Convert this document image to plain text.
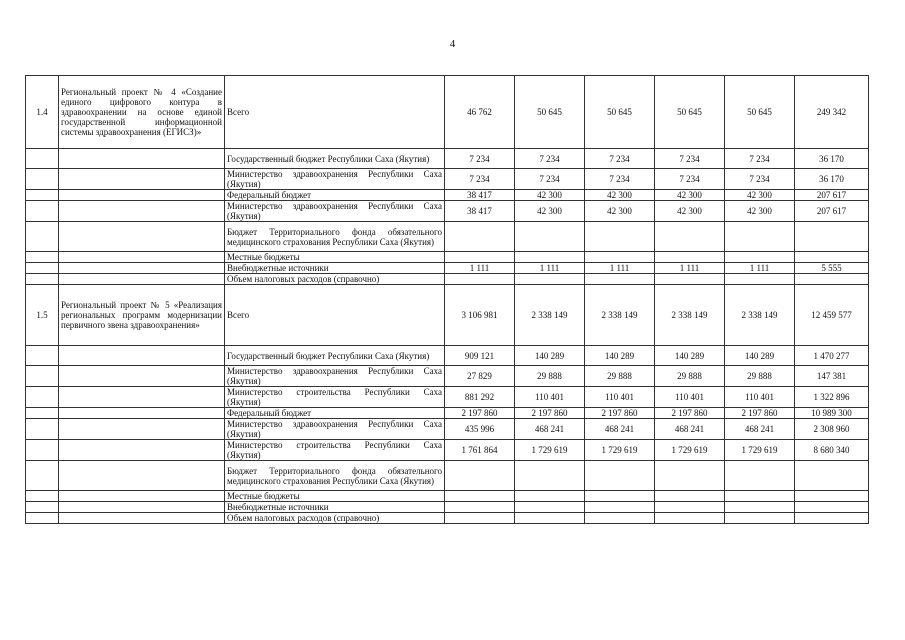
4
1.4	Региональный проект № 4 «Создание единого цифрового контура в здравоохранении на основе единой государственной информационной системы здравоохранения (ЕГИСЗ)»	Всего	46 762	50 645	50 645	50 645	50 645	249 342
		Государственный бюджет Республики Саха (Якутия)	7 234	7 234	7 234	7 234	7 234	36 170
		Министерство здравоохранения Республики Саха (Якутия)	7 234	7 234	7 234	7 234	7 234	36 170
		Федеральный бюджет	38 417	42 300	42 300	42 300	42 300	207 617
		Министерство здравоохранения Республики Саха (Якутия)	38 417	42 300	42 300	42 300	42 300	207 617
		Бюджет Территориального фонда обязательного медицинского страхования Республики Саха (Якутия)						
		Местные бюджеты						
		Внебюджетные источники	1 111	1 111	1 111	1 111	1 111	5 555
		Объем налоговых расходов (справочно)						
1.5	Региональный проект № 5 «Реализация региональных программ модернизации первичного звена здравоохранения»	Всего	3 106 981	2 338 149	2 338 149	2 338 149	2 338 149	12 459 577
		Государственный бюджет Республики Саха (Якутия)	909 121	140 289	140 289	140 289	140 289	1 470 277
		Министерство здравоохранения Республики Саха (Якутия)	27 829	29 888	29 888	29 888	29 888	147 381
		Министерство строительства Республики Саха (Якутия)	881 292	110 401	110 401	110 401	110 401	1 322 896
		Федеральный бюджет	2 197 860	2 197 860	2 197 860	2 197 860	2 197 860	10 989 300
		Министерство здравоохранения Республики Саха (Якутия)	435 996	468 241	468 241	468 241	468 241	2 308 960
		Министерство строительства Республики Саха (Якутия)	1 761 864	1 729 619	1 729 619	1 729 619	1 729 619	8 680 340
		Бюджет Территориального фонда обязательного медицинского страхования Республики Саха (Якутия)						
		Местные бюджеты						
		Внебюджетные источники						
		Объем налоговых расходов (справочно)						
